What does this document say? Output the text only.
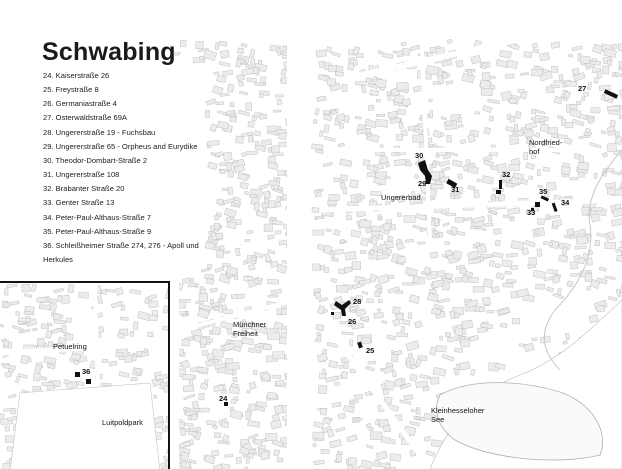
Schwabing
24. Kaiserstraße 26
25. Freystraße 8
26. Germaniastraße 4
27. Osterwaldstraße 69A
28. Ungererstraße 19 - Fuchsbau
29. Ungererstraße 65 - Orpheus and Eurydike
30. Theodor-Dombart-Straße 2
31. Ungererstraße 108
32. Brabanter Straße 20
33. Genter Straße 13
34. Peter-Paul-Althaus-Straße 7
35. Peter-Paul-Althaus-Straße 9
36. Schleißheimer Straße 274, 276 - Apoll und Herkules
Nordfried-
hof
Ungererbad
Münchner
Freiheit
Kleinhesseloher
See
24
25
26
27
28
29
30
31
32
33
34
35
Petuelring
36
Luitpoldpark
